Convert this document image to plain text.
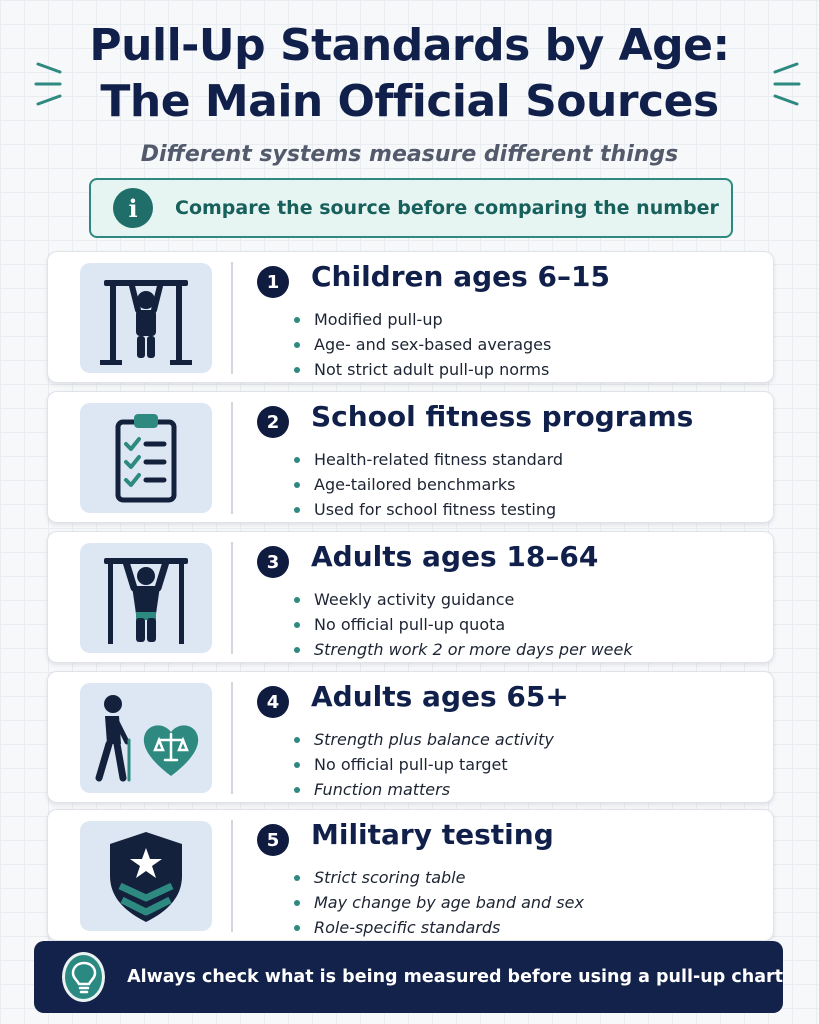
Pull-Up Standards by Age:
The Main Official Sources
Different systems measure different things
i	Compare the source before comparing the number
1	Children ages 6–15
Modified pull-up
Age- and sex-based averages
Not strict adult pull-up norms
2	School fitness programs
Health-related fitness standard
Age-tailored benchmarks
Used for school fitness testing
3	Adults ages 18–64
Weekly activity guidance
No official pull-up quota
Strength work 2 or more days per week
4	Adults ages 65+
Strength plus balance activity
No official pull-up target
Function matters
5	Military testing
Strict scoring table
May change by age band and sex
Role-specific standards
Always check what is being measured before using a pull-up chart
